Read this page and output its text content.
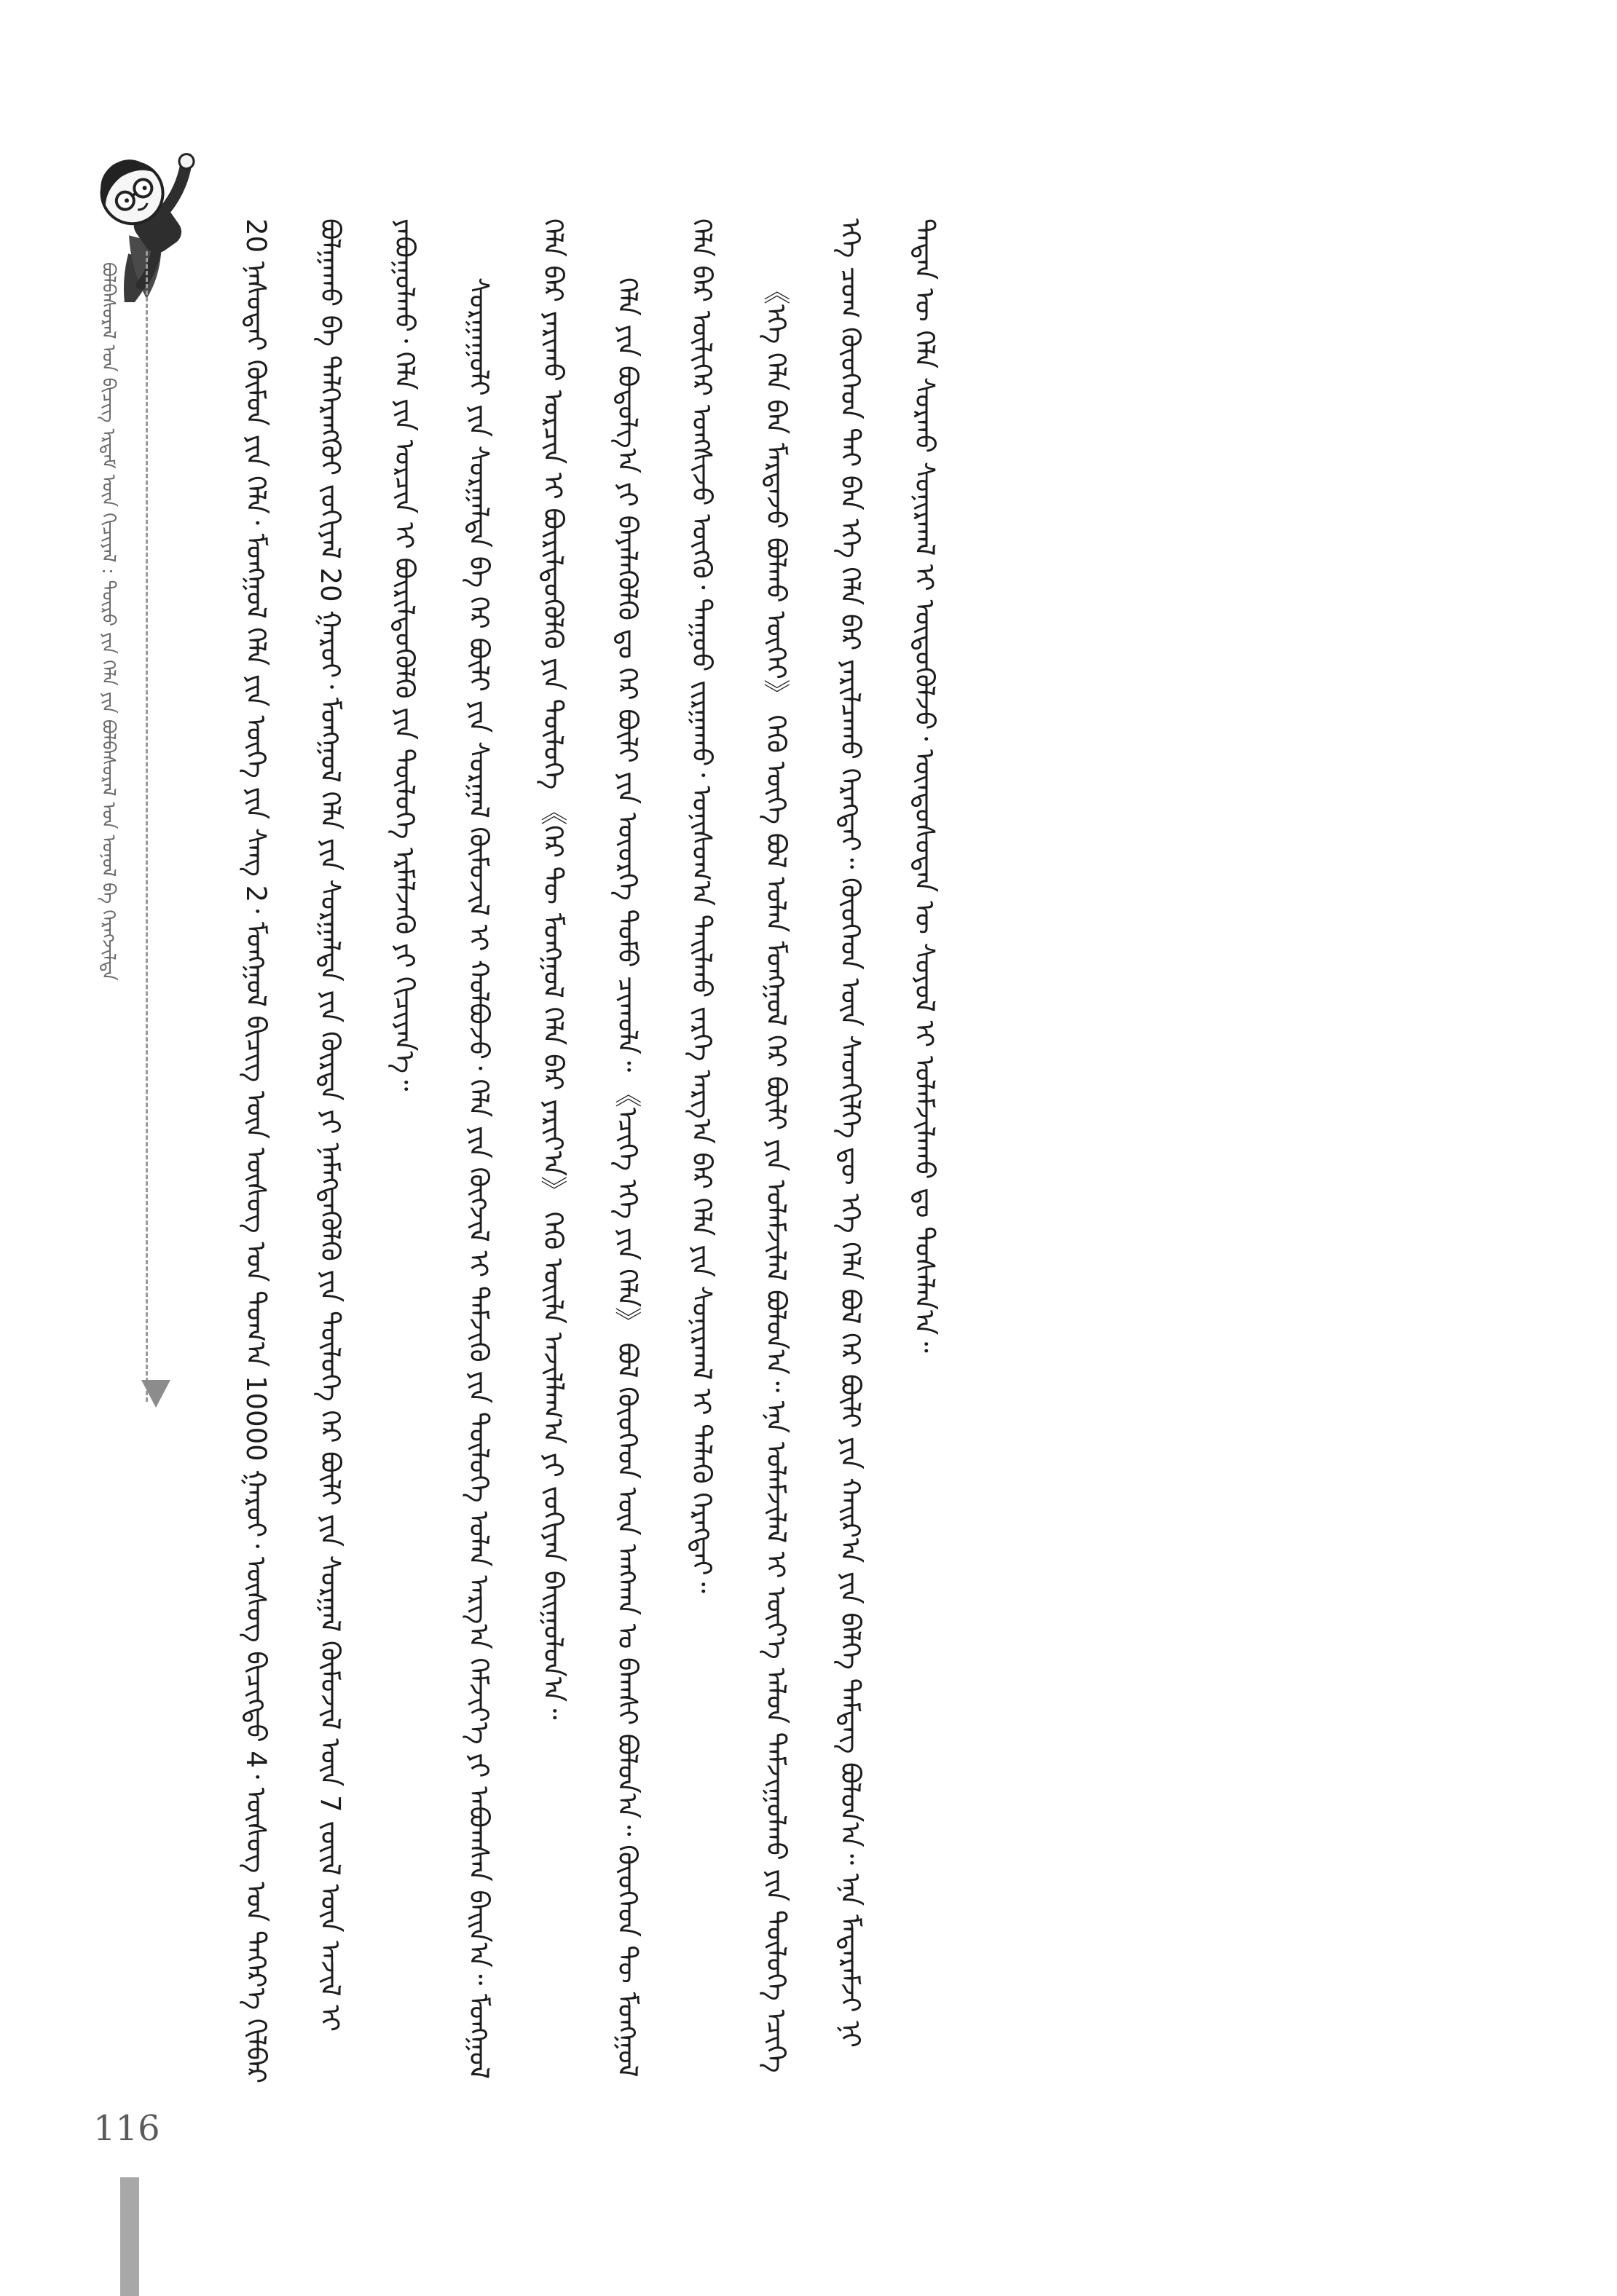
ᠪᠣᠯᠪᠠᠰᠤᠷᠠᠯ ᠤᠨ ᠪᠢᠴᠢᠭ ᠡᠷᠳᠡᠮ ᠦᠨ ᠬᠢᠴᠢᠶᠡᠯ : ᠲᠦᠷᠦ ᠶᠢᠨ ᠬᠡᠯᠡ ᠶᠢᠨ ᠪᠤᠯᠪᠠᠰᠤᠷᠠᠯ ᠤᠨ ᠣᠨᠣᠯ ᠪᠠ ᠬᠡᠷᠡᠭᠵᠢᠯᠲᠡ	20 ᠨᠠᠰᠤᠲᠠᠢ ᠬᠦᠮᠦᠨ ᠶᠢᠨ ᠬᠡᠯᠡ᠂ ᠮᠣᠩᠭᠣᠯ ᠬᠡᠯᠡ ᠶᠢᠨ ᠦᠭᠡ ᠶᠢᠨ ᠰᠠᠩ 2᠂ ᠮᠣᠩᠭᠣᠯ ᠪᠢᠴᠢᠭ ᠦᠨ ᠦᠰᠦᠭ ᠤᠨ ᠲᠤᠭ᠎ᠠ 10000 ᠭᠠᠷᠤᠢ᠂ ᠦᠰᠦᠭ ᠪᠢᠴᠢᠭᠲᠦ 4᠂ ᠦᠰᠦᠭ ᠤᠨ ᠳᠡᠭᠡᠷ᠎ᠡ ᠬᠢᠯᠪᠠᠷ ᠪᠣᠯᠭᠠᠬᠤ ᠪᠠ ᠳᠡᠯᠭᠡᠷᠡᠩᠭᠦᠢ ᠵᠣᠬᠢᠶᠠᠯ 20 ᠭᠠᠷᠤᠢ᠂ ᠮᠣᠩᠭᠣᠯ ᠬᠡᠯᠡ ᠶᠢᠨ ᠰᠤᠷᠭᠠᠯᠲᠠ ᠶᠢᠨ ᠬᠦᠷᠳᠡ ᠶᠢ ᠨᠡᠮᠡᠭᠳᠡᠭᠦᠯᠬᠦ ᠶᠢᠨ ᠲᠥᠯᠥᠭᠡ ᠭᠡᠷ ᠪᠦᠯᠢ ᠶᠢᠨ ᠰᠤᠷᠭᠠᠯ ᠬᠦᠮᠦᠵᠢᠯ ᠦᠨ 7 ᠵᠦᠢᠯ ᠦᠨ ᠠᠵᠢᠯ ᠢ ᠶᠠᠪᠤᠭᠤᠯᠬᠤ᠂ ᠬᠡᠯᠡ ᠶᠢᠨ ᠣᠷᠴᠢᠨ ᠢ ᠪᠦᠷᠢᠯᠳᠦᠭᠦᠯᠬᠦ ᠶᠢᠨ ᠲᠥᠯᠦᠭᠡ ᠡᠷᠮᠡᠯᠵᠡᠬᠦ ᠶᠢ ᠬᠢᠴᠢᠶᠡᠨ᠎ᠡ᠃	ᠰᠤᠷᠭᠠᠭᠤᠯᠢ ᠶᠢᠨ ᠰᠤᠷᠭᠠᠯᠲᠠ ᠪᠠ ᠭᠡᠷ ᠪᠦᠯᠢ ᠶᠢᠨ ᠰᠤᠷᠭᠠᠯ ᠬᠦᠮᠦᠵᠢᠯ ᠢ ᠬᠣᠯᠪᠣᠵᠤ᠂ ᠬᠡᠯᠡ ᠶᠢᠨ ᠬᠥᠭᠵᠢᠯ ᠢ ᠳᠡᠮᠵᠢᠬᠦ ᠶᠢᠨ ᠲᠥᠯᠥᠭᠡ ᠣᠯᠠᠨ ᠠᠷᠭ᠎ᠠ ᠬᠡᠮᠵᠢᠶ᠎ᠡ ᠶᠢ ᠠᠪᠤᠭᠰᠠᠨ ᠪᠠᠢᠨ᠎ᠠ᠃ ᠮᠣᠩᠭᠣᠯ ᠬᠡᠯᠡ ᠪᠡᠷ ᠶᠠᠷᠢᠬᠤ ᠣᠷᠴᠢᠨ ᠢ ᠪᠦᠷᠢᠯᠳᠦᠭᠦᠯᠬᠦ ᠶᠢᠨ ᠲᠥᠯᠥᠭᠡ 《ᠭᠡᠷ ᠲᠦ ᠮᠣᠩᠭᠣᠯ ᠬᠡᠯᠡ ᠪᠡᠷ ᠶᠠᠷᠢᠶ᠎ᠠ》 ᠭᠡᠬᠦ ᠦᠢᠯᠡ ᠠᠵᠢᠯᠯᠠᠭ᠎ᠠ ᠶᠢ ᠵᠣᠬᠢᠶᠠᠨ ᠪᠠᠢᠭᠤᠯᠤᠨ᠎ᠠ᠃	ᠬᠡᠯᠡ ᠶᠢᠨ ᠪᠣᠳᠤᠯᠭ᠎ᠠ ᠶᠢ ᠪᠡᠶᠡᠯᠡᠭᠦᠯᠬᠦ ᠳᠤ ᠭᠡᠷ ᠪᠦᠯᠢ ᠶᠢᠨ ᠦᠦᠷᠭᠡ ᠲᠤᠮᠤ ᠴᠢᠬᠤᠯᠠ᠃ 《ᠡᠴᠢᠭᠡ ᠡᠬᠡ ᠶᠢᠨ ᠬᠡᠯᠡ》 ᠪᠣᠯ ᠬᠦᠦᠬᠡᠳ ᠦᠨ ᠠᠩᠬᠠᠨ ᠤ ᠪᠠᠭᠰᠢ ᠪᠣᠯᠤᠨ᠎ᠠ᠃ ᠬᠦᠦᠬᠡᠳ ᠲᠦ ᠮᠣᠩᠭᠣᠯ ᠬᠡᠯᠡ ᠪᠡᠷ ᠦᠯᠢᠭᠡᠷ ᠤᠩᠰᠢᠵᠤ ᠥᠭᠬᠦ᠂ ᠳᠠᠭᠤᠤ ᠵᠢᠷᠭᠠᠬᠤ᠂ ᠣᠨᠢᠰᠤᠭ᠎ᠠ ᠲᠠᠢᠯᠬᠤ ᠵᠡᠷᠭᠡ ᠠᠷᠭ᠎ᠠ ᠪᠡᠷ ᠬᠡᠯᠡ ᠶᠢᠨ ᠰᠣᠨᠢᠷᠬᠠᠯ ᠢ ᠲᠡᠯᠡᠬᠦ ᠬᠡᠷᠡᠭᠲᠡᠢ᠃	《ᠡᠬᠡ ᠬᠡᠯᠡ ᠪᠡᠨ ᠮᠠᠷᠲᠠᠵᠤ ᠪᠣᠯᠬᠤ ᠦᠭᠡᠢ》 ᠭᠡᠬᠦ ᠦᠭᠡ ᠪᠣᠯ ᠣᠯᠠᠨ ᠮᠣᠩᠭᠣᠯ ᠭᠡᠷ ᠪᠦᠯᠢ ᠶᠢᠨ ᠤᠯᠠᠮᠵᠢᠯᠠᠯ ᠪᠣᠯᠤᠨ᠎ᠠ᠃ ᠡᠨᠡ ᠤᠯᠠᠮᠵᠢᠯᠠᠯ ᠢ ᠦᠶ᠎ᠡ ᠠᠯᠤᠨ ᠳᠠᠮᠵᠢᠭᠤᠯᠬᠤ ᠶᠢᠨ ᠲᠥᠯᠥᠭᠡ ᠡᠴᠢᠭᠡ ᠡᠬᠡ ᠴᠤᠭ ᠬᠦᠦᠬᠡᠳ ᠲᠡᠢ ᠪᠡᠨ ᠡᠬᠡ ᠬᠡᠯᠡ ᠪᠡᠷ ᠶᠠᠷᠢᠯᠴᠠᠬᠤ ᠬᠡᠷᠡᠭᠲᠡᠢ᠃ ᠬᠦᠦᠬᠡᠳ ᠦᠨ ᠰᠡᠳᠬᠢᠯᠭᠡ ᠳᠦ ᠡᠬᠡ ᠬᠡᠯᠡ ᠪᠣᠯ ᠭᠡᠷ ᠪᠦᠯᠢ ᠶᠢᠨ ᠬᠠᠢᠷ᠎ᠠ ᠶᠢᠨ ᠪᠡᠯᠭᠡ ᠲᠡᠮᠳᠡᠭ ᠪᠣᠯᠤᠨ᠎ᠠ᠃ ᠡᠨᠡ ᠮᠡᠳᠡᠷᠡᠮᠵᠢ ᠨᠢ ᠲᠡᠳᠡᠨ ᠦ ᠬᠡᠯᠡ ᠰᠤᠷᠬᠤ ᠰᠣᠨᠢᠷᠬᠠᠯ ᠢ ᠥᠳᠦᠭᠦᠯᠵᠦ᠂ ᠦᠨᠳᠦᠰᠦᠲᠡᠨ ᠦ ᠰᠣᠶᠤᠯ ᠢ ᠤᠯᠠᠮᠵᠢᠯᠠᠬᠤ ᠳᠤ ᠲᠤᠰᠠᠯᠠᠨ᠎ᠠ᠃

116
